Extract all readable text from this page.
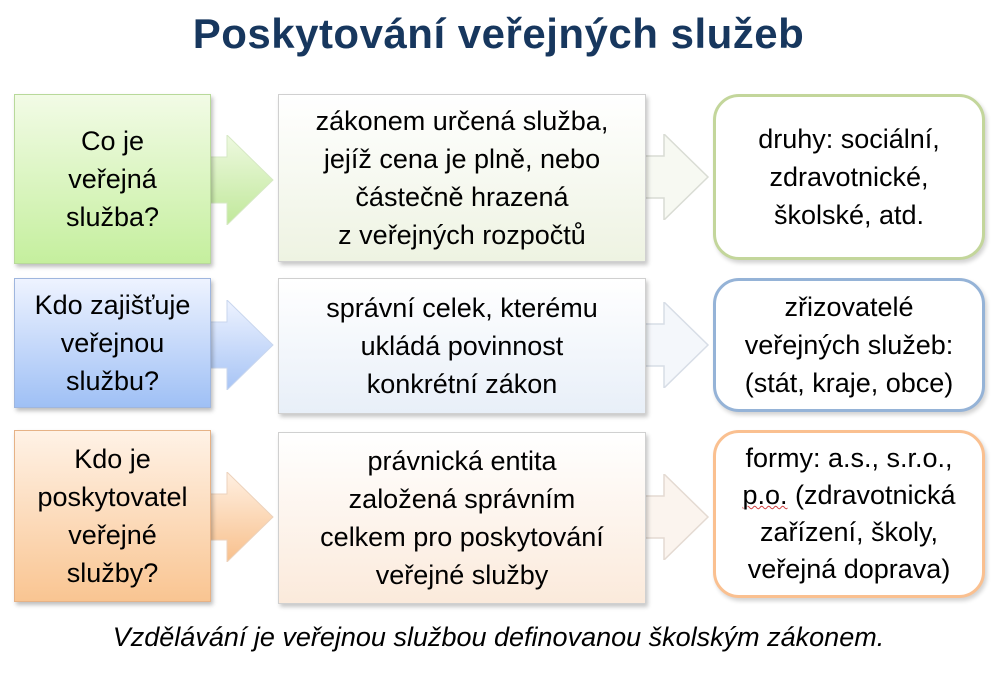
Poskytování veřejných služeb
Co je
veřejná
služba?
zákonem určená služba,
jejíž cena je plně, nebo
částečně hrazená
z veřejných rozpočtů
druhy: sociální,
zdravotnické,
školské, atd.
Kdo zajišťuje
veřejnou
službu?
správní celek, kterému
ukládá povinnost
konkrétní zákon
zřizovatelé
veřejných služeb:
(stát, kraje, obce)
Kdo je
poskytovatel
veřejné
služby?
právnická entita
založená správním
celkem pro poskytování
veřejné služby
formy: a.s., s.r.o.,
p.o. (zdravotnická
zařízení, školy,
veřejná doprava)
Vzdělávání je veřejnou službou definovanou školským zákonem.
